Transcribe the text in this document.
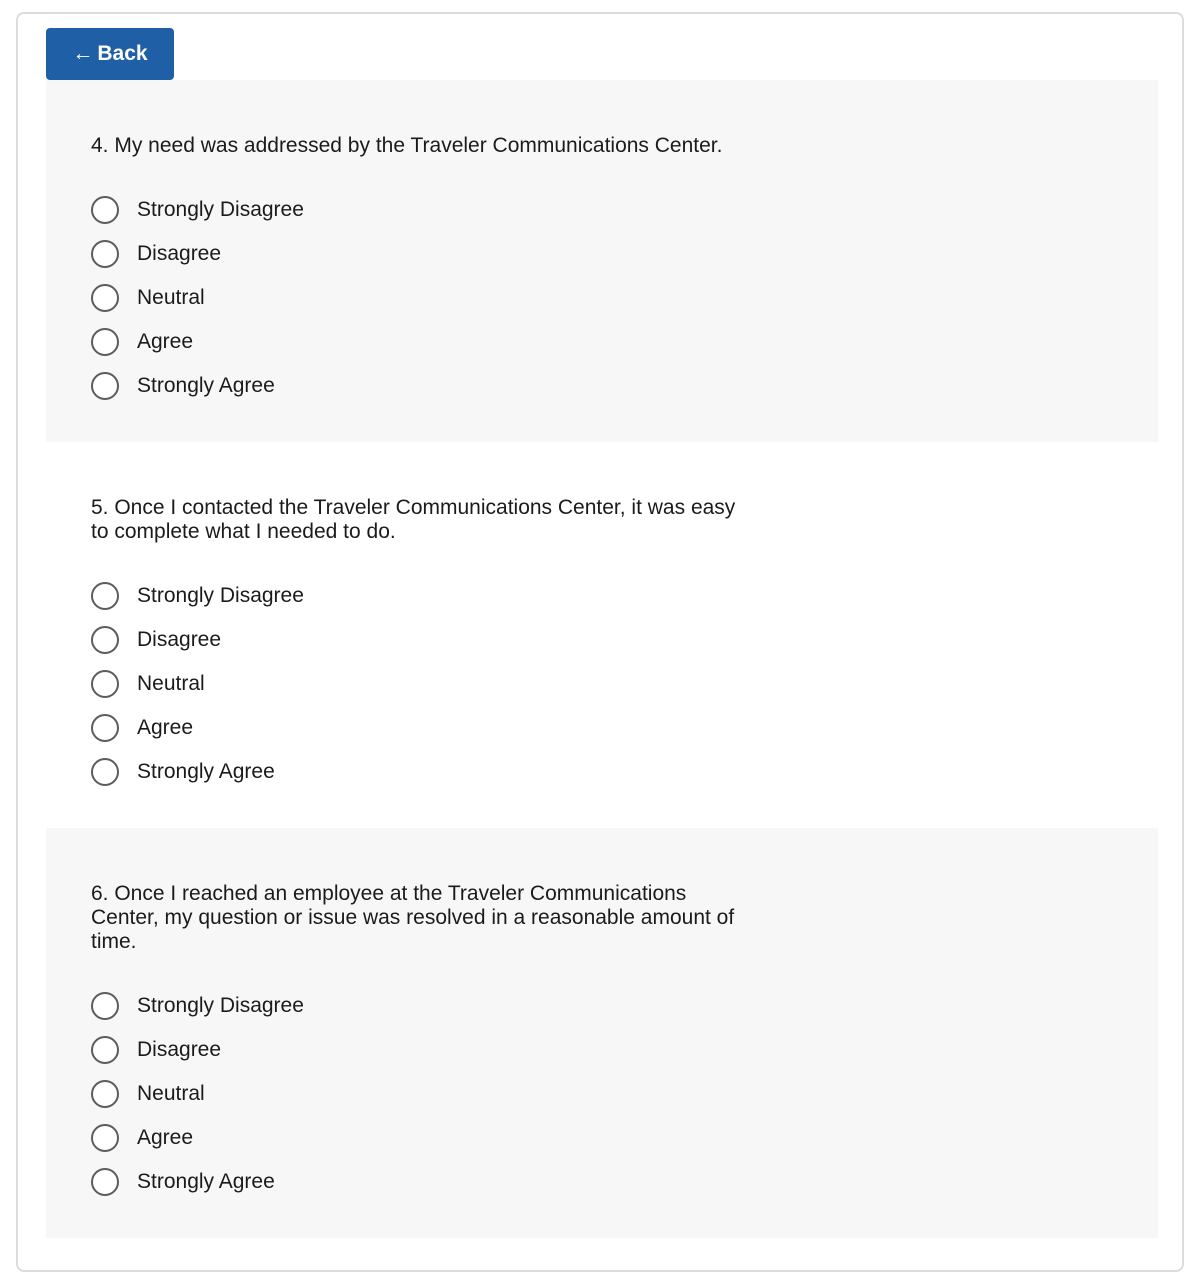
← Back

4. My need was addressed by the Traveler Communications Center.

Strongly Disagree
Disagree
Neutral
Agree
Strongly Agree

5. Once I contacted the Traveler Communications Center, it was easy to complete what I needed to do.

Strongly Disagree
Disagree
Neutral
Agree
Strongly Agree

6. Once I reached an employee at the Traveler Communications Center, my question or issue was resolved in a reasonable amount of time.

Strongly Disagree
Disagree
Neutral
Agree
Strongly Agree
